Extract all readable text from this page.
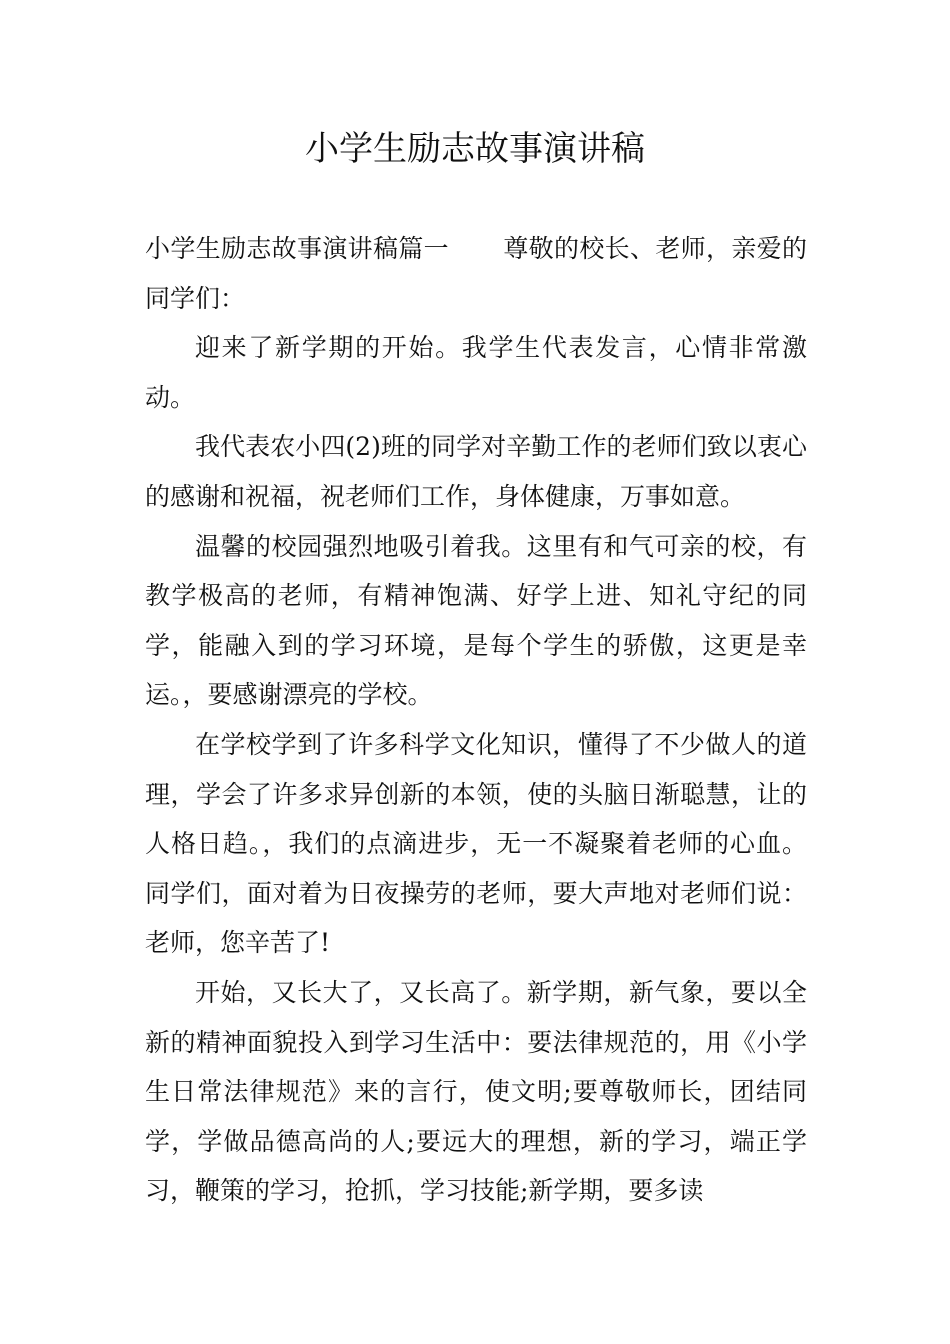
小学生励志故事演讲稿

小学生励志故事演讲稿篇一 尊敬的校长、老师，亲爱的同学们：

迎来了新学期的开始。我学生代表发言，心情非常激动。

我代表农小四(2)班的同学对辛勤工作的老师们致以衷心的感谢和祝福，祝老师们工作，身体健康，万事如意。

温馨的校园强烈地吸引着我。这里有和气可亲的校，有教学极高的老师，有精神饱满、好学上进、知礼守纪的同学，能融入到的学习环境，是每个学生的骄傲，这更是幸运。，要感谢漂亮的学校。

在学校学到了许多科学文化知识，懂得了不少做人的道理，学会了许多求异创新的本领，使的头脑日渐聪慧，让的人格日趋。，我们的点滴进步，无一不凝聚着老师的心血。同学们，面对着为日夜操劳的老师，要大声地对老师们说：老师，您辛苦了!

开始，又长大了，又长高了。新学期，新气象，要以全新的精神面貌投入到学习生活中：要法律规范的，用《小学生日常法律规范》来的言行，使文明;要尊敬师长，团结同学，学做品德高尚的人;要远大的理想，新的学习，端正学习，鞭策的学习，抢抓，学习技能;新学期，要多读
